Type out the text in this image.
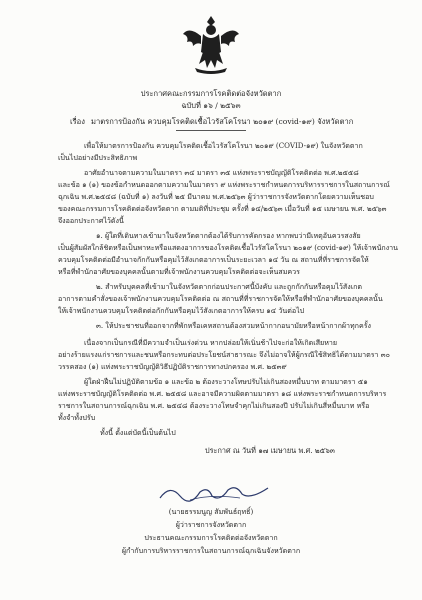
ประกาศคณะกรรมการโรคติดต่อจังหวัดตาก
ฉบับที่ ๑๖ / ๒๕๖๓
เรื่อง มาตรการป้องกัน ควบคุมโรคติดเชื้อไวรัสโคโรนา ๒๐๑๙ (covid-๑๙) จังหวัดตาก
เพื่อให้มาตรการป้องกัน ควบคุมโรคติดเชื้อไวรัสโคโรนา ๒๐๑๙ (COVID-๑๙) ในจังหวัดตาก
เป็นไปอย่างมีประสิทธิภาพ
อาศัยอำนาจตามความในมาตรา ๓๔ มาตรา ๓๕ แห่งพระราชบัญญัติโรคติดต่อ พ.ศ.๒๕๕๘
และข้อ ๑ (๑) ของข้อกำหนดออกตามความในมาตรา ๙ แห่งพระราชกำหนดการบริหารราชการในสถานการณ์
ฉุกเฉิน พ.ศ.๒๕๔๘ (ฉบับที่ ๑) ลงวันที่ ๒๕ มีนาคม พ.ศ.๒๕๖๓ ผู้ว่าราชการจังหวัดตากโดยความเห็นชอบ
ของคณะกรรมการโรคติดต่อจังหวัดตาก ตามมติที่ประชุม ครั้งที่ ๑๔/๒๕๖๓ เมื่อวันที่ ๑๕ เมษายน พ.ศ. ๒๕๖๓
จึงออกประกาศไว้ดังนี้
๑. ผู้ใดที่เดินทางเข้ามาในจังหวัดตากต้องได้รับการคัดกรอง หากพบว่ามีเหตุอันควรสงสัย
เป็นผู้สัมผัสใกล้ชิดหรือเป็นพาหะหรือแสดงอาการของโรคติดเชื้อไวรัสโคโรนา ๒๐๑๙ (covid-๑๙) ให้เจ้าพนักงาน
ควบคุมโรคติดต่อมีอำนาจกักกันหรือคุมไว้สังเกตอาการเป็นระยะเวลา ๑๔ วัน ณ สถานที่ที่ราชการจัดให้
หรือที่พำนักอาศัยของบุคคลนั้นตามที่เจ้าพนักงานควบคุมโรคติดต่อจะเห็นสมควร
๒. สำหรับบุคคลที่เข้ามาในจังหวัดตากก่อนประกาศนี้บังคับ และถูกกักกันหรือคุมไว้สังเกต
อาการตามคำสั่งของเจ้าพนักงานควบคุมโรคติดต่อ ณ สถานที่ที่ราชการจัดให้หรือที่พำนักอาศัยของบุคคลนั้น
ให้เจ้าพนักงานควบคุมโรคติดต่อกักกันหรือคุมไว้สังเกตอาการให้ครบ ๑๔ วันต่อไป
๓. ให้ประชาชนที่ออกจากที่พักหรือเคหสถานต้องสวมหน้ากากอนามัยหรือหน้ากากผ้าทุกครั้ง
เนื่องจากเป็นกรณีที่มีความจำเป็นเร่งด่วน หากปล่อยให้เนิ่นช้าไปจะก่อให้เกิดเสียหาย
อย่างร้ายแรงแก่ราชการและชนหรือกระทบต่อประโยชน์สาธารณะ จึงไม่อาจให้ผู้กรณีใช้สิทธิได้ตามมาตรา ๓๐
วรรคสอง (๑) แห่งพระราชบัญญัติวิธีปฏิบัติราชการทางปกครอง พ.ศ. ๒๕๓๙
ผู้ใดฝ่าฝืนไม่ปฏิบัติตามข้อ ๑ และข้อ ๒ ต้องระวางโทษปรับไม่เกินสองหมื่นบาท ตามมาตรา ๕๑
แห่งพระราชบัญญัติโรคติดต่อ พ.ศ. ๒๕๕๘ และอาจมีความผิดตามมาตรา ๑๘ แห่งพระราชกำหนดการบริหาร
ราชการในสถานการณ์ฉุกเฉิน พ.ศ. ๒๕๔๘ ต้องระวางโทษจำคุกไม่เกินสองปี ปรับไม่เกินสี่หมื่นบาท หรือ
ทั้งจำทั้งปรับ
ทั้งนี้ ตั้งแต่บัดนี้เป็นต้นไป
ประกาศ ณ วันที่ ๑๗ เมษายน พ.ศ. ๒๕๖๓
(นายธรรมนูญ สัมพันธ์ฤทธิ์)
ผู้ว่าราชการจังหวัดตาก
ประธานคณะกรรมการโรคติดต่อจังหวัดตาก
ผู้กำกับการบริหารราชการในสถานการณ์ฉุกเฉินจังหวัดตาก
